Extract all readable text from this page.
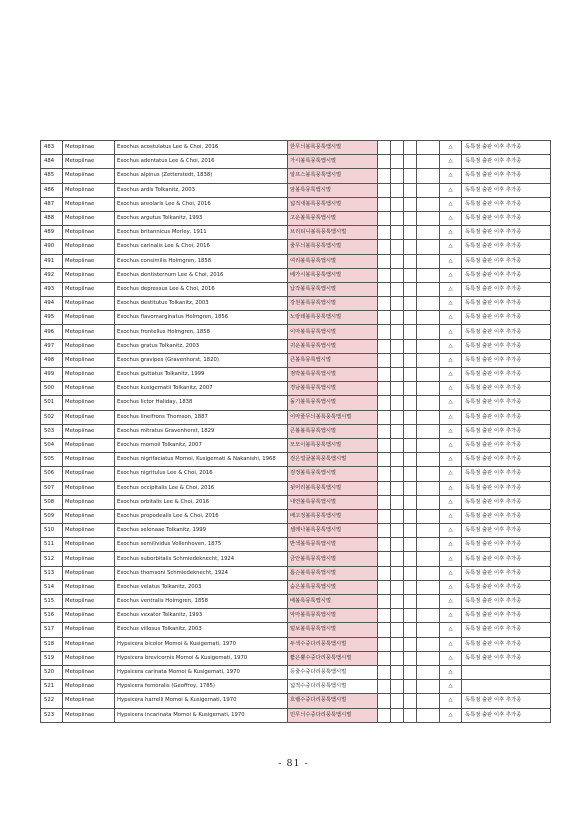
483	Metopiinae	Exochus acostulatus Lee & Choi, 2016	한무늬볼록뭉툭맵시벌					△	독특점 출판 이후 추가종
484	Metopiinae	Exochus adentatus Lee & Choi, 2016	가시볼록뭉툭맵시벌					△	독특점 출판 이후 추가종
485	Metopiinae	Exochus alpinus (Zetterstedt, 1838)	알프스볼록뭉툭맵시벌					△	독특점 출판 이후 추가종
486	Metopiinae	Exochus ardis Tolkanitz, 2003	암볼록뭉툭맵시벌					△	독특점 출판 이후 추가종
487	Metopiinae	Exochus areolaris Lee & Choi, 2016	넓적새볼록뭉툭맵시벌					△	독특점 출판 이후 추가종
488	Metopiinae	Exochus argutus Tolkanitz, 1993	고운볼록뭉툭맵시벌					△	독특점 출판 이후 추가종
489	Metopiinae	Exochus britannicus Morley, 1911	브리티니볼록뭉툭맵시벌					△	독특점 출판 이후 추가종
490	Metopiinae	Exochus carinalis Lee & Choi, 2016	줄무늬볼록뭉툭맵시벌					△	독특점 출판 이후 추가종
491	Metopiinae	Exochus consimilis Holmgren, 1858	여리볼록뭉툭맵시벌					△	독특점 출판 이후 추가종
492	Metopiinae	Exochus dentisternum Lee & Choi, 2016	배가시볼록뭉툭맵시벌					△	독특점 출판 이후 추가종
493	Metopiinae	Exochus depressus Lee & Choi, 2016	납작볼록뭉툭맵시벌					△	독특점 출판 이후 추가종
494	Metopiinae	Exochus destitutus Tolkanitz, 2003	강원볼록뭉툭맵시벌					△	독특점 출판 이후 추가종
495	Metopiinae	Exochus flavomarginatus Holmgren, 1856	노랑테볼록뭉툭맵시벌					△	독특점 출판 이후 추가종
496	Metopiinae	Exochus frontellus Holmgren, 1858	이마볼록뭉툭맵시벌					△	독특점 출판 이후 추가종
497	Metopiinae	Exochus gratus Tolkanitz, 2003	귀운볼록뭉툭맵시벌					△	독특점 출판 이후 추가종
498	Metopiinae	Exochus gravipes (Gravenhorst, 1820)	큰볼록뭉툭맵시벌					△	독특점 출판 이후 추가종
499	Metopiinae	Exochus guttatus Tolkanitz, 1999	점박볼록뭉툭맵시벌					△	독특점 출판 이후 추가종
500	Metopiinae	Exochus kusigematii Tolkanitz, 2007	경남볼록뭉툭맵시벌					△	독특점 출판 이후 추가종
501	Metopiinae	Exochus lictor Haliday, 1838	돌기볼록뭉툭맵시벌					△	독특점 출판 이후 추가종
502	Metopiinae	Exochus lineifrons Thomson, 1887	이마줄무늬볼록뭉툭맵시벌					△	독특점 출판 이후 추가종
503	Metopiinae	Exochus mitratus Gravenhorst, 1829	큰볼볼록뭉툭맵시벌					△	독특점 출판 이후 추가종
504	Metopiinae	Exochus momoii Tolkanitz, 2007	모모이볼록뭉툭맵시벌					△	독특점 출판 이후 추가종
505	Metopiinae	Exochus nigrifaciatus Momoi, Kusigemati & Nakanishi, 1968	검은얼굴볼록뭉툭맵시벌					△	독특점 출판 이후 추가종
506	Metopiinae	Exochus nigritulus Lee & Choi, 2016	검정볼록뭉툭맵시벌					△	독특점 출판 이후 추가종
507	Metopiinae	Exochus occipitalis Lee & Choi, 2016	뒷머리볼록뭉툭맵시벌					△	독특점 출판 이후 추가종
508	Metopiinae	Exochus orbitalis Lee & Choi, 2016	내연볼록뭉툭맵시벌					△	독특점 출판 이후 추가종
509	Metopiinae	Exochus propodealis Lee & Choi, 2016	배고정볼록뭉툭맵시벌					△	독특점 출판 이후 추가종
510	Metopiinae	Exochus selenaae Tolkanitz, 1999	셀레나볼록뭉툭맵시벌					△	독특점 출판 이후 추가종
511	Metopiinae	Exochus semilividus Vollenhoven, 1875	반색볼록뭉툭맵시벌					△	독특점 출판 이후 추가종
512	Metopiinae	Exochus suborbitalis Schmiedeknecht, 1924	금안볼록뭉툭맵시벌					△	독특점 출판 이후 추가종
513	Metopiinae	Exochus thomsoni Schmiedeknecht, 1924	톰슨볼록뭉툭맵시벌					△	독특점 출판 이후 추가종
514	Metopiinae	Exochus velatus Tolkanitz, 2003	숨은볼록뭉툭맵시벌					△	독특점 출판 이후 추가종
515	Metopiinae	Exochus ventralis Holmgren, 1858	배볼록뭉툭맵시벌					△	독특점 출판 이후 추가종
516	Metopiinae	Exochus vexator Tolkanitz, 1993	악마볼록뭉툭맵시벌					△	독특점 출판 이후 추가종
517	Metopiinae	Exochus villosus Tolkanitz, 2003	털보볼록뭉툭맵시벌					△	독특점 출판 이후 추가종
518	Metopiinae	Hypsicera bicolor Momoi & Kusigemati, 1970	두색수중다리뭉툭맵시벌					△	독특점 출판 이후 추가종
519	Metopiinae	Hypsicera brevicornis Momoi & Kusigemati, 1970	짧은뿔수중다리뭉툭맵시벌					△	독특점 출판 이후 추가종
520	Metopiinae	Hypsicera carinata Momoi & Kusigemati, 1970	등줄수중다리뭉툭맵시벌					△	
521	Metopiinae	Hypsicera femoralis (Geoffroy, 1785)	넓적수중다리뭉툭맵시벌					△	
522	Metopiinae	Hypsicera harrelli Momoi & Kusigemati, 1970	호렐수중다리뭉툭맵시벌					△	독특점 출판 이후 추가종
523	Metopiinae	Hypsicera incarinata Momoi & Kusigemati, 1970	민무늬수중다리뭉툭맵시벌					△	독특점 출판 이후 추가종
- 81 -
